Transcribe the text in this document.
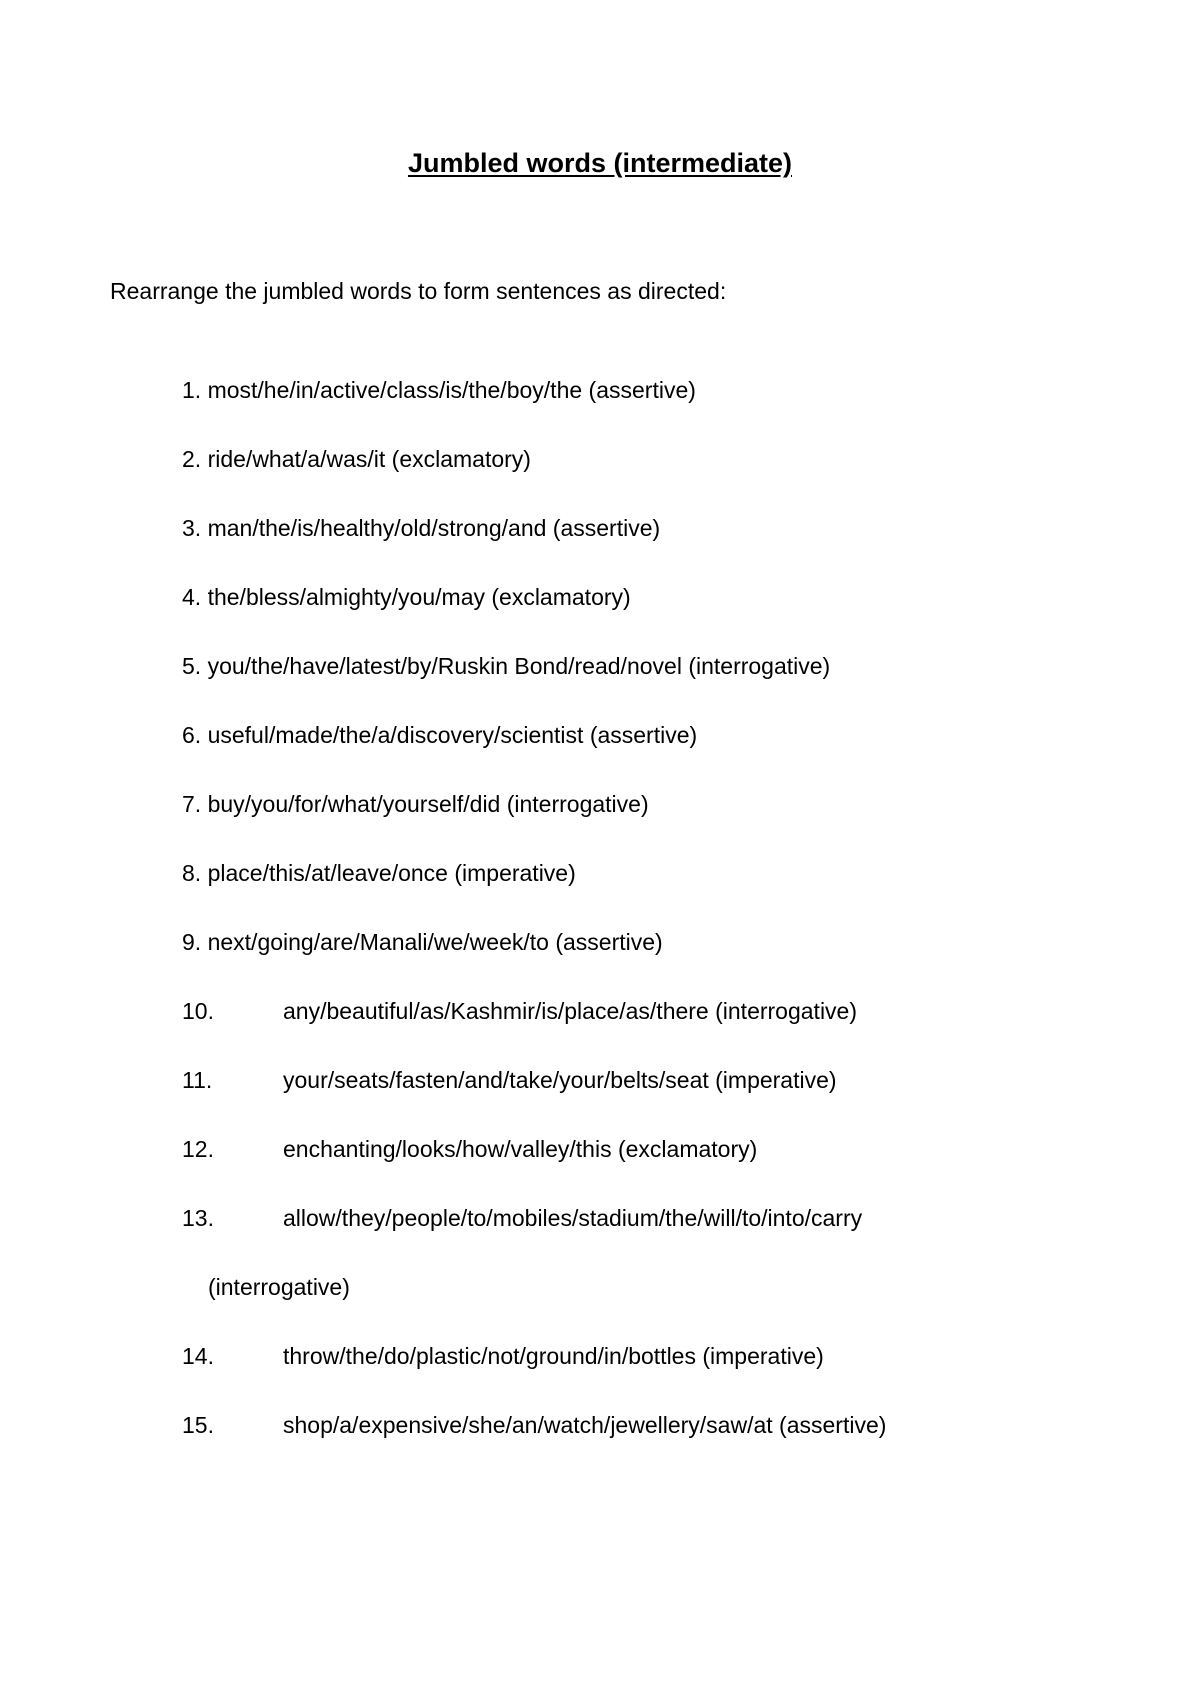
Jumbled words (intermediate)

Rearrange the jumbled words to form sentences as directed:

1. most/he/in/active/class/is/the/boy/the (assertive)
2. ride/what/a/was/it (exclamatory)
3. man/the/is/healthy/old/strong/and (assertive)
4. the/bless/almighty/you/may (exclamatory)
5. you/the/have/latest/by/Ruskin Bond/read/novel (interrogative)
6. useful/made/the/a/discovery/scientist (assertive)
7. buy/you/for/what/yourself/did (interrogative)
8. place/this/at/leave/once (imperative)
9. next/going/are/Manali/we/week/to (assertive)
10.	any/beautiful/as/Kashmir/is/place/as/there (interrogative)
11.	your/seats/fasten/and/take/your/belts/seat (imperative)
12.	enchanting/looks/how/valley/this (exclamatory)
13.	allow/they/people/to/mobiles/stadium/the/will/to/into/carry
(interrogative)
14.	throw/the/do/plastic/not/ground/in/bottles (imperative)
15.	shop/a/expensive/she/an/watch/jewellery/saw/at (assertive)
